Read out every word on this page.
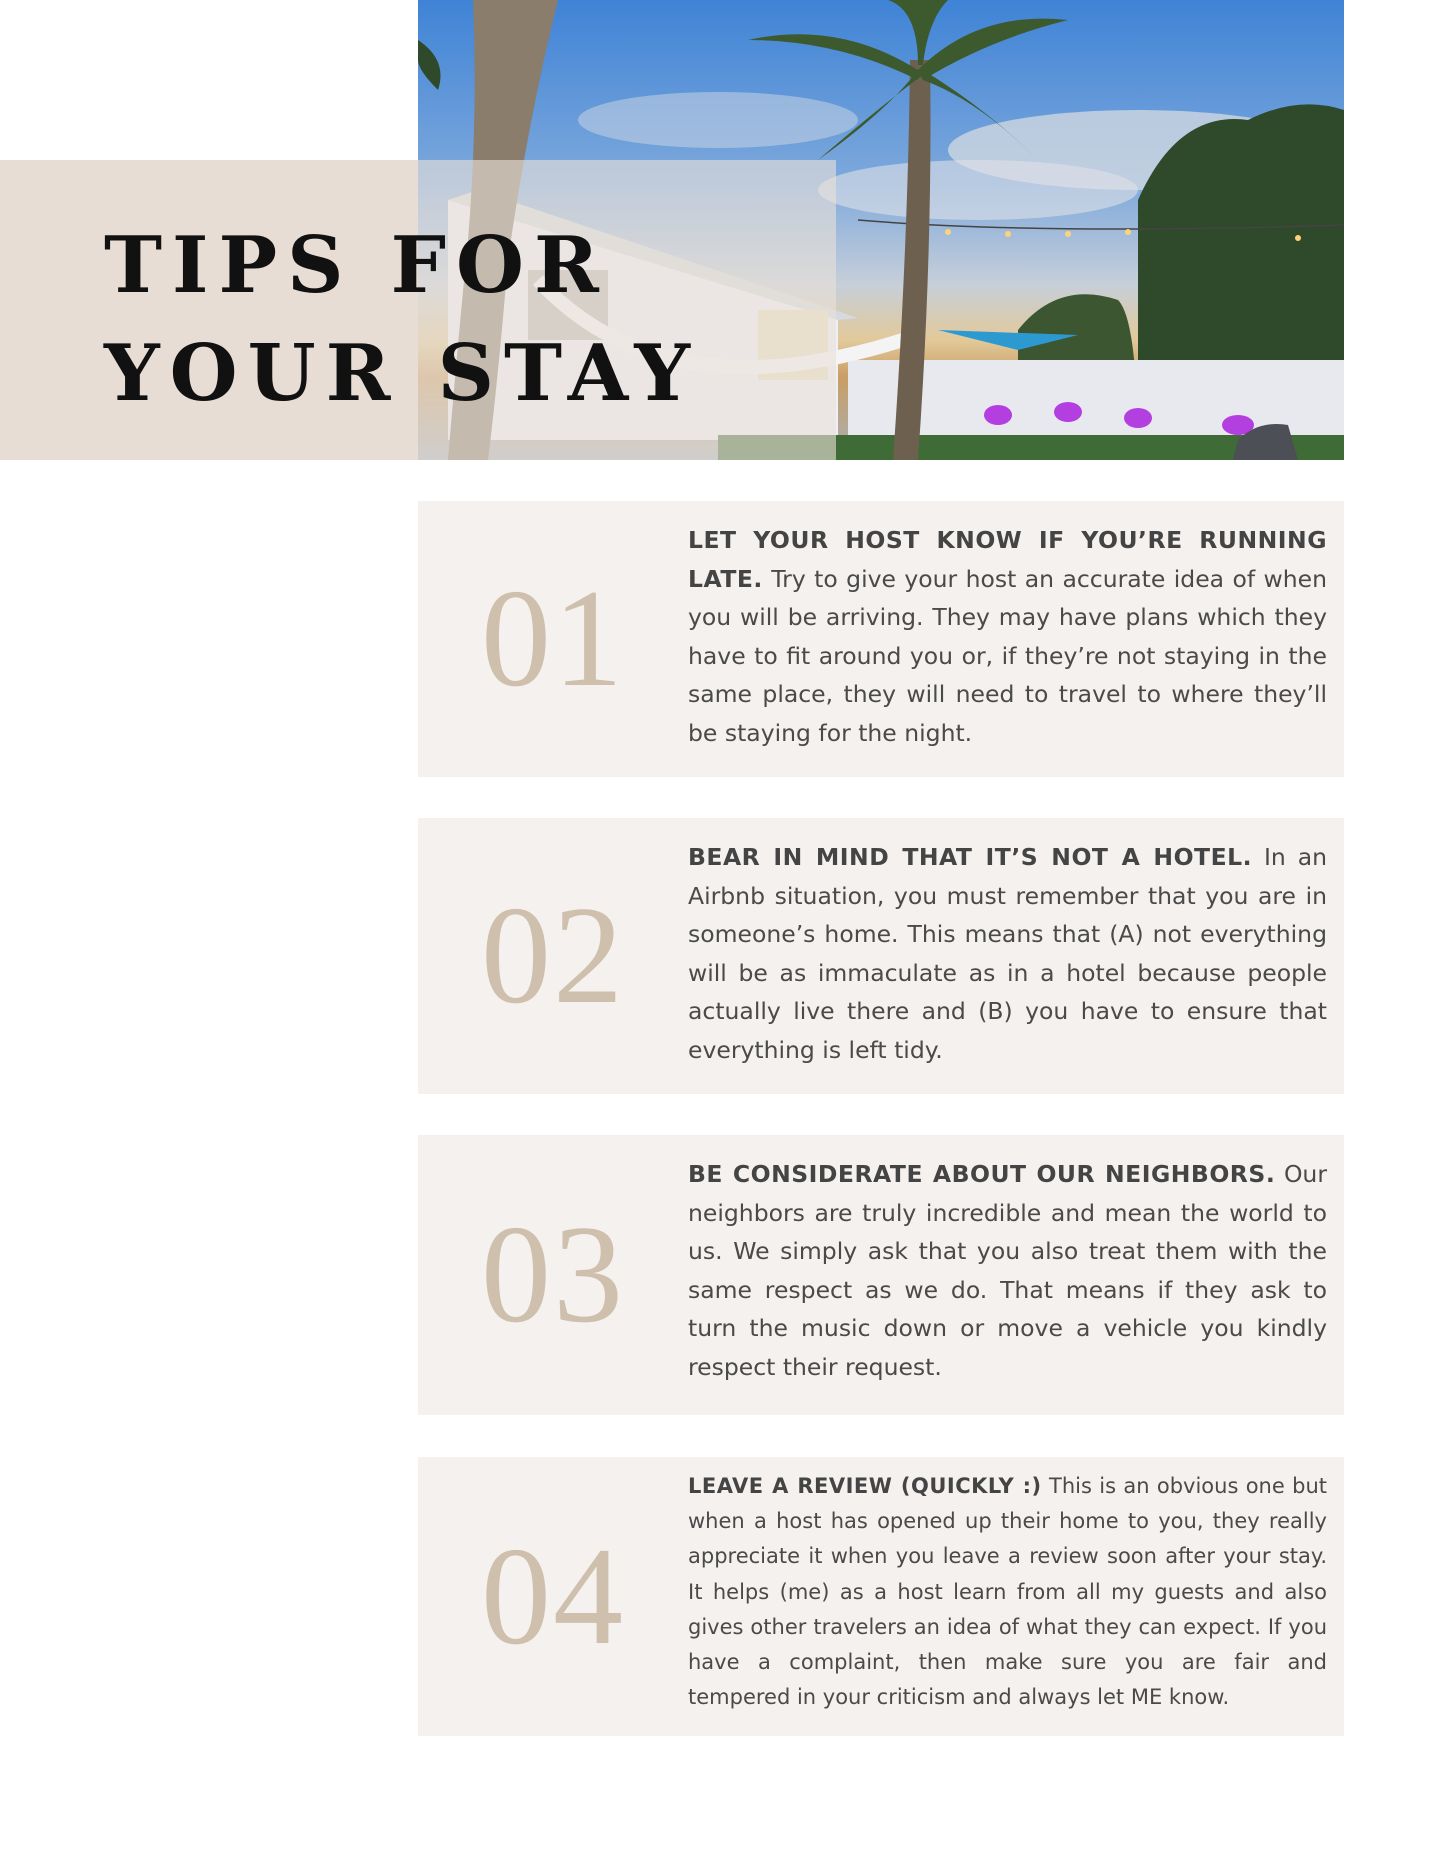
TIPS FOR
YOUR STAY
01

LET YOUR HOST KNOW IF YOU’RE RUNNING LATE. Try to give your host an accurate idea of when you will be arriving. They may have plans which they have to fit around you or, if they’re not staying in the same place, they will need to travel to where they’ll be staying for the night.

02

BEAR IN MIND THAT IT’S NOT A HOTEL. In an Airbnb situation, you must remember that you are in someone’s home. This means that (A) not everything will be as immaculate as in a hotel because people actually live there and (B) you have to ensure that everything is left tidy.

03

BE CONSIDERATE ABOUT OUR NEIGHBORS. Our neighbors are truly incredible and mean the world to us. We simply ask that you also treat them with the same respect as we do. That means if they ask to turn the music down or move a vehicle you kindly respect their request.

04

LEAVE A REVIEW (QUICKLY :) This is an obvious one but when a host has opened up their home to you, they really appreciate it when you leave a review soon after your stay. It helps (me) as a host learn from all my guests and also gives other travelers an idea of what they can expect. If you have a complaint, then make sure you are fair and tempered in your criticism and always let ME know.
